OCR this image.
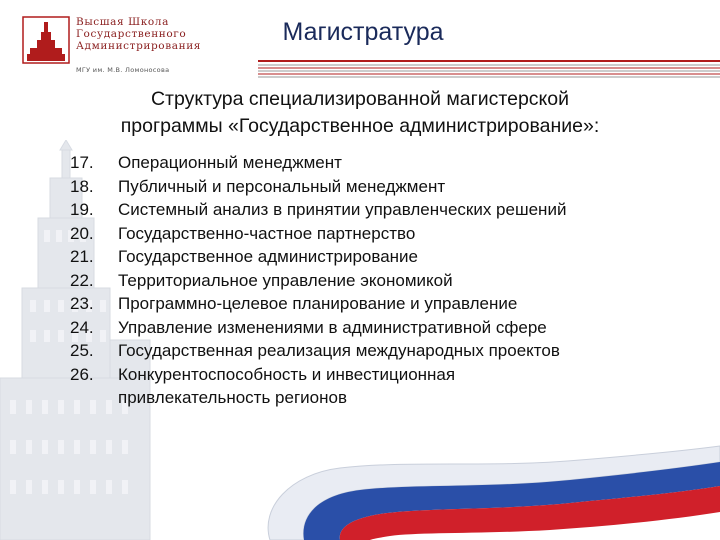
Высшая Школа
Государственного
Администрирования
МГУ им. М.В. Ломоносова
Магистратура
Структура специализированной магистерской
программы «Государственное администрирование»:
17.	Операционный менеджмент
18.	Публичный и персональный менеджмент
19.	Системный анализ в принятии управленческих решений
20.	Государственно-частное партнерство
21.	Государственное администрирование
22.	Территориальное управление экономикой
23.	Программно-целевое планирование и управление
24.	Управление изменениями в административной сфере
25.	Государственная реализация международных проектов
26.	Конкурентоспособность и инвестиционная привлекательность регионов
